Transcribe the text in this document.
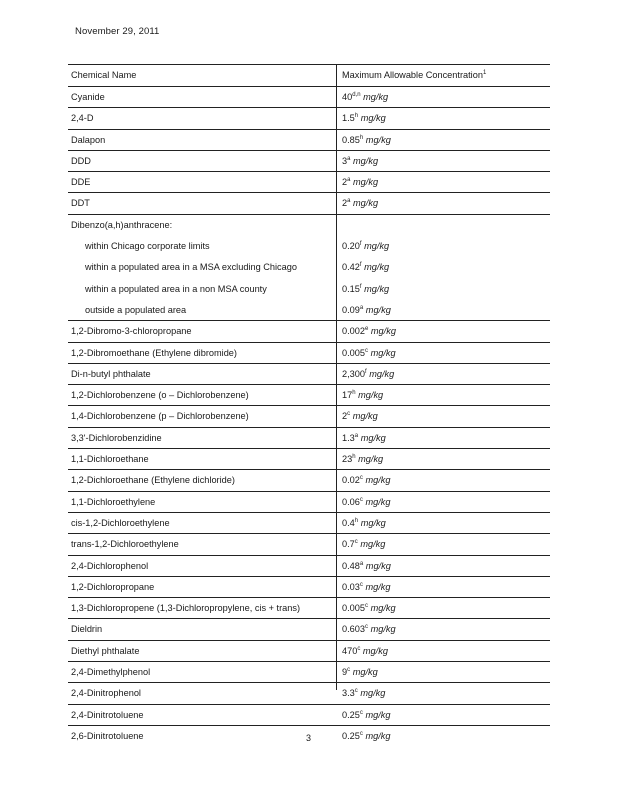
November 29, 2011
Chemical Name	Maximum Allowable Concentration$^1$
Cyanide	40$^{d,n}$ mg/kg
2,4-D	1.5$^h$ mg/kg
Dalapon	0.85$^h$ mg/kg
DDD	3$^a$ mg/kg
DDE	2$^a$ mg/kg
DDT	2$^a$ mg/kg
Dibenzo(a,h)anthracene:
within Chicago corporate limits	0.20$^f$ mg/kg
within a populated area in a MSA excluding Chicago	0.42$^f$ mg/kg
within a populated area in a non MSA county	0.15$^f$ mg/kg
outside a populated area	0.09$^a$ mg/kg
1,2-Dibromo-3-chloropropane	0.002e mg/kg
1,2-Dibromoethane (Ethylene dibromide)	0.005$^c$ mg/kg
Di-n-butyl phthalate	2,300$^f$ mg/kg
1,2-Dichlorobenzene (o – Dichlorobenzene)	17$^h$ mg/kg
1,4-Dichlorobenzene (p – Dichlorobenzene)	2$^c$ mg/kg
3,3'-Dichlorobenzidine	1.3$^a$ mg/kg
1,1-Dichloroethane	23$^h$ mg/kg
1,2-Dichloroethane (Ethylene dichloride)	0.02$^c$ mg/kg
1,1-Dichloroethylene	0.06$^c$ mg/kg
cis-1,2-Dichloroethylene	0.4$^h$ mg/kg
trans-1,2-Dichloroethylene	0.7$^c$ mg/kg
2,4-Dichlorophenol	0.48$^a$ mg/kg
1,2-Dichloropropane	0.03$^c$ mg/kg
1,3-Dichloropropene (1,3-Dichloropropylene, cis + trans)	0.005$^c$ mg/kg
Dieldrin	0.603$^c$ mg/kg
Diethyl phthalate	470$^c$ mg/kg
2,4-Dimethylphenol	9$^c$ mg/kg
2,4-Dinitrophenol	3.3$^c$ mg/kg
2,4-Dinitrotoluene	0.25$^c$ mg/kg
2,6-Dinitrotoluene	0.25$^c$ mg/kg
3
